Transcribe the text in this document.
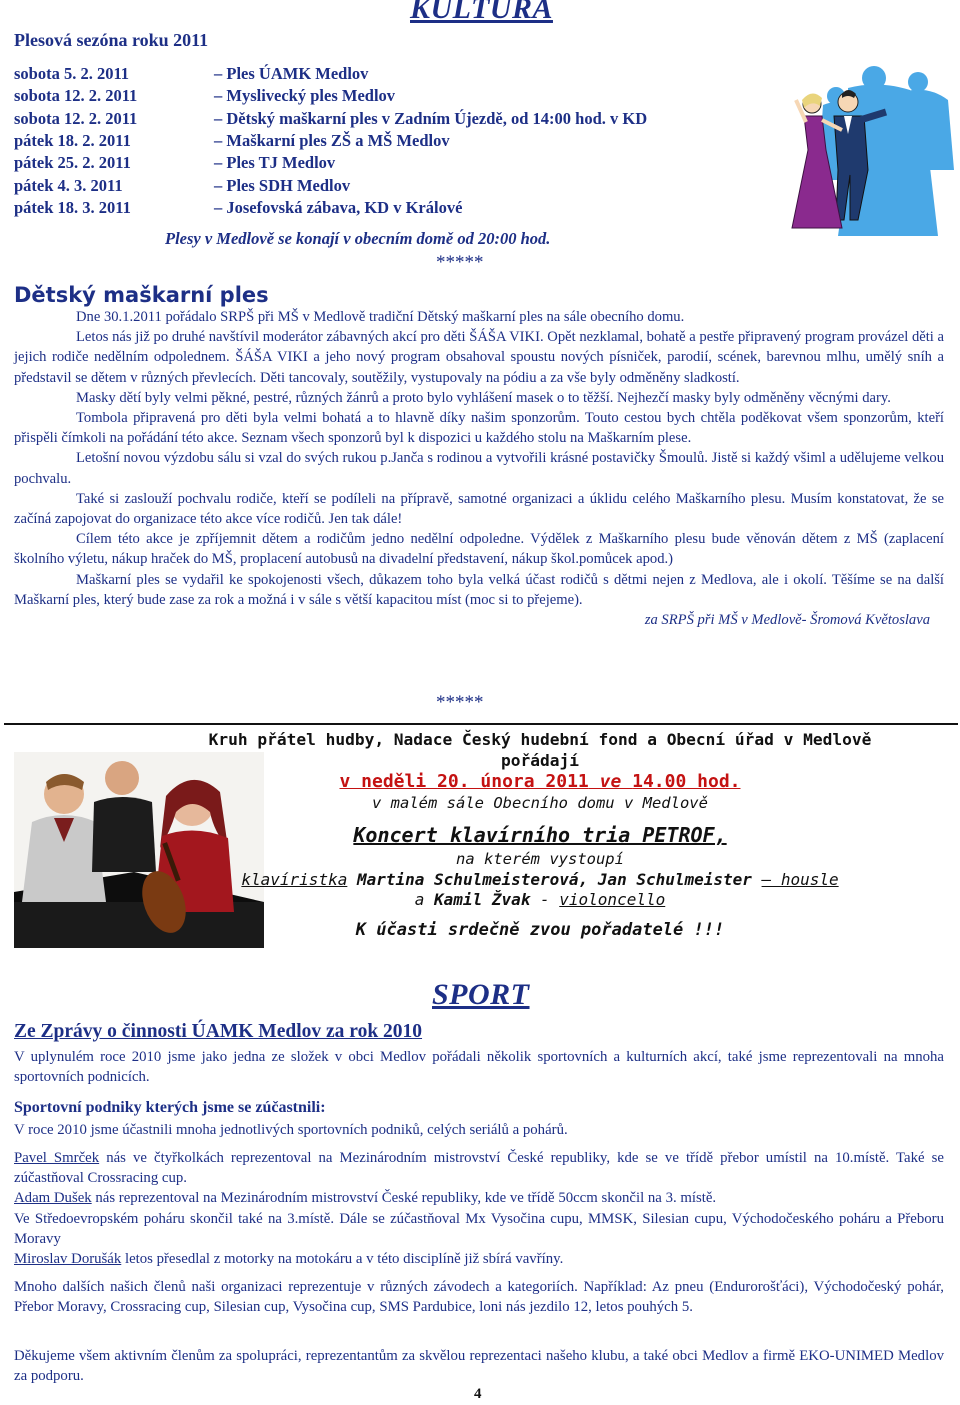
KULTURA
Plesová sezóna roku 2011
sobota 5. 2. 2011	– Ples ÚAMK Medlov
sobota 12. 2. 2011	– Myslivecký ples Medlov
sobota 12. 2. 2011	– Dětský maškarní ples v Zadním Újezdě, od 14:00 hod. v KD
pátek 18. 2. 2011	– Maškarní ples ZŠ a MŠ Medlov
pátek 25. 2. 2011	– Ples TJ Medlov
pátek 4. 3. 2011	– Ples SDH Medlov
pátek 18. 3. 2011	– Josefovská zábava, KD v Králové
Plesy v Medlově se konají v obecním domě od 20:00 hod.
*****
Dětský maškarní ples
Dne 30.1.2011 pořádalo SRPŠ při MŠ v Medlově tradiční Dětský maškarní ples na sále obecního domu.
Letos nás již po druhé navštívil moderátor zábavných akcí pro děti ŠÁŠA VIKI. Opět nezklamal, bohatě a pestře připravený program provázel děti a jejich rodiče nedělním odpolednem. ŠÁŠA VIKI a jeho nový program obsahoval spoustu nových písniček, parodií, scének, barevnou mlhu, umělý sníh a představil se dětem v různých převlecích. Děti tancovaly, soutěžily, vystupovaly na pódiu a za vše byly odměněny sladkostí.
Masky dětí byly velmi pěkné, pestré, různých žánrů a proto bylo vyhlášení masek o to těžší. Nejhezčí masky byly odměněny věcnými dary.
Tombola připravená pro děti byla velmi bohatá a to hlavně díky našim sponzorům. Touto cestou bych chtěla poděkovat všem sponzorům, kteří přispěli čímkoli na pořádání této akce. Seznam všech sponzorů byl k dispozici u každého stolu na Maškarním plese.
Letošní novou výzdobu sálu si vzal do svých rukou p.Janča s rodinou a vytvořili krásné postavičky Šmoulů. Jistě si každý všiml a udělujeme velkou pochvalu.
Také si zaslouží pochvalu rodiče, kteří se podíleli na přípravě, samotné organizaci a úklidu celého Maškarního plesu. Musím konstatovat, že se začíná zapojovat do organizace této akce více rodičů. Jen tak dále!
Cílem této akce je zpříjemnit dětem a rodičům jedno nedělní odpoledne. Výdělek z Maškarního plesu bude věnován dětem z MŠ (zaplacení školního výletu, nákup hraček do MŠ, proplacení autobusů na divadelní představení, nákup škol.pomůcek apod.)
Maškarní ples se vydařil ke spokojenosti všech, důkazem toho byla velká účast rodičů s dětmi nejen z Medlova, ale i okolí. Těšíme se na další Maškarní ples, který bude zase za rok a možná i v sále s větší kapacitou míst (moc si to přejeme).
za SRPŠ při MŠ v Medlově- Šromová Květoslava
*****
Kruh přátel hudby, Nadace Český hudební fond a Obecní úřad v Medlově
pořádají
v neděli 20. února 2011 ve 14.00 hod.
v malém sále Obecního domu v Medlově
Koncert klavírního tria PETROF,
na kterém vystoupí
klavíristka Martina Schulmeisterová, Jan Schulmeister – housle
a Kamil Žvak - violoncello
K účasti srdečně zvou pořadatelé !!!
SPORT
Ze Zprávy o činnosti ÚAMK Medlov za rok 2010
V uplynulém roce 2010 jsme jako jedna ze složek v obci Medlov pořádali několik sportovních a kulturních akcí, také jsme reprezentovali na mnoha sportovních podnicích.
Sportovní podniky kterých jsme se zúčastnili:
V roce 2010 jsme účastnili mnoha jednotlivých sportovních podniků, celých seriálů a pohárů.
Pavel Smrček nás ve čtyřkolkách reprezentoval na Mezinárodním mistrovství České republiky, kde se ve třídě přebor umístil na 10.místě. Také se zúčastňoval Crossracing cup.
Adam Dušek nás reprezentoval na Mezinárodním mistrovství České republiky, kde ve třídě 50ccm skončil na 3. místě.
Ve Středoevropském poháru skončil také na 3.místě. Dále se zúčastňoval Mx Vysočina cupu, MMSK, Silesian cupu, Východočeského poháru a Přeboru Moravy
Miroslav Dorušák letos přesedlal z motorky na motokáru a v této disciplíně již sbírá vavříny.
Mnoho dalších našich členů naši organizaci reprezentuje v různých závodech a kategoriích. Například: Az pneu (Endurorošťáci), Východočeský pohár, Přebor Moravy, Crossracing cup, Silesian cup, Vysočina cup, SMS Pardubice, loni nás jezdilo 12, letos pouhých 5.
Děkujeme všem aktivním členům za spolupráci, reprezentantům za skvělou reprezentaci našeho klubu, a také obci Medlov a firmě EKO-UNIMED Medlov za podporu.
4
